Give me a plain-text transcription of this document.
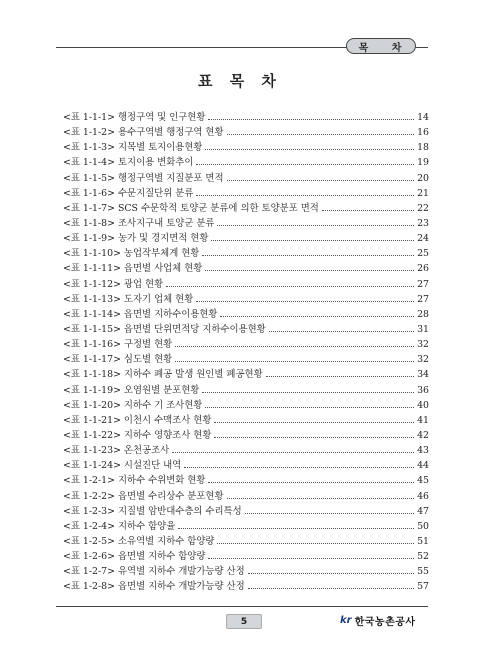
목 차
표 목 차
<표 1-1-1> 행정구역 및 인구현황	14
<표 1-1-2> 용수구역별 행정구역 현황	16
<표 1-1-3> 지목별 토지이용현황	18
<표 1-1-4> 토지이용 변화추이	19
<표 1-1-5> 행정구역별 지질분포 면적	20
<표 1-1-6> 수문지질단위 분류	21
<표 1-1-7> SCS 수문학적 토양군 분류에 의한 토양분포 면적	22
<표 1-1-8> 조사지구내 토양군 분류	23
<표 1-1-9> 농가 및 경지면적 현황	24
<표 1-1-10> 농업작부체계 현황	25
<표 1-1-11> 읍면별 사업체 현황	26
<표 1-1-12> 광업 현황	27
<표 1-1-13> 도자기 업체 현황	27
<표 1-1-14> 읍면별 지하수이용현황	28
<표 1-1-15> 읍면별 단위면적당 지하수이용현황	31
<표 1-1-16> 구정별 현황	32
<표 1-1-17> 심도별 현황	32
<표 1-1-18> 지하수 폐공 발생 원인별 폐공현황	34
<표 1-1-19> 오염원별 분포현황	36
<표 1-1-20> 지하수 기 조사현황	40
<표 1-1-21> 이천시 수맥조사 현황	41
<표 1-1-22> 지하수 영향조사 현황	42
<표 1-1-23> 온천공조사	43
<표 1-1-24> 시설진단 내역	44
<표 1-2-1> 지하수 수위변화 현황	45
<표 1-2-2> 읍면별 수리상수 분포현황	46
<표 1-2-3> 지질별 암반대수층의 수리특성	47
<표 1-2-4> 지하수 함양율	50
<표 1-2-5> 소유역별 지하수 함양량	51
<표 1-2-6> 읍면별 지하수 함양량	52
<표 1-2-7> 유역별 지하수 개발가능량 산정	55
<표 1-2-8> 읍면별 지하수 개발가능량 산정	57
5	kr 한국농촌공사
